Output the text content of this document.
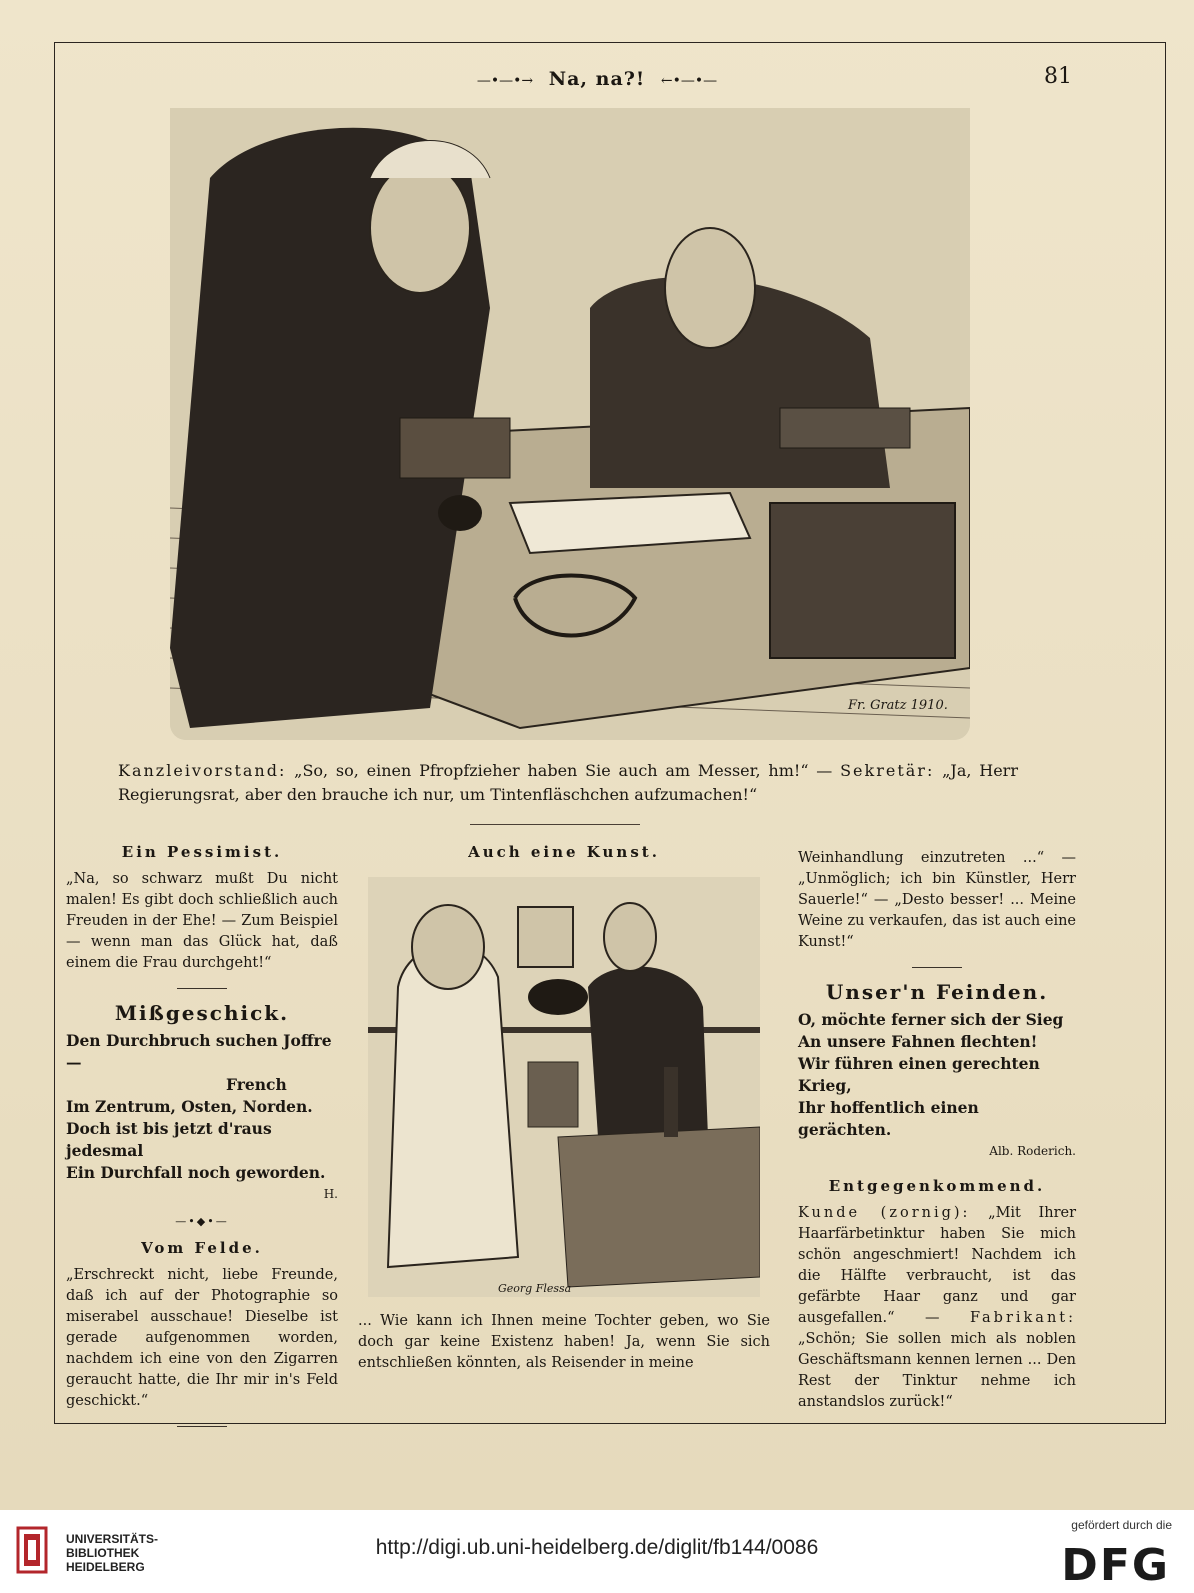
—•—•→ Na, na?! ←•—•—	81
Fr. Gratz 1910.
Kanzleivorstand: „So, so, einen Pfropfzieher haben Sie auch am Messer, hm!“ — Sekretär: „Ja, Herr Regierungsrat, aber den brauche ich nur, um Tintenfläschchen aufzumachen!“
Ein Pessimist.
„Na, so schwarz mußt Du nicht malen! Es gibt doch schließlich auch Freuden in der Ehe! — Zum Beispiel — wenn man das Glück hat, daß einem die Frau durchgeht!“
Mißgeschick.
Den Durchbruch suchen Joffre—
French
Im Zentrum, Osten, Norden.
Doch ist bis jetzt d'raus jedesmal
Ein Durchfall noch geworden.
H.
—•◆•—
Vom Felde.
„Erschreckt nicht, liebe Freunde, daß ich auf der Photographie so miserabel ausschaue! Dieselbe ist gerade aufgenommen worden, nachdem ich eine von den Zigarren geraucht hatte, die Ihr mir in's Feld geschickt.“
Auch eine Kunst.
Georg Flessa
... Wie kann ich Ihnen meine Tochter geben, wo Sie doch gar keine Existenz haben! Ja, wenn Sie sich entschließen könnten, als Reisender in meine
Weinhandlung einzutreten ...“ — „Unmöglich; ich bin Künstler, Herr Sauerle!“ — „Desto besser! ... Meine Weine zu verkaufen, das ist auch eine Kunst!“
Unser'n Feinden.
O, möchte ferner sich der Sieg
An unsere Fahnen flechten!
Wir führen einen gerechten Krieg,
Ihr hoffentlich einen gerächten.
Alb. Roderich.
Entgegenkommend.
Kunde (zornig): „Mit Ihrer Haarfärbetinktur haben Sie mich schön angeschmiert! Nachdem ich die Hälfte verbraucht, ist das gefärbte Haar ganz und gar ausgefallen.“ — Fabrikant: „Schön; Sie sollen mich als noblen Geschäftsmann kennen lernen ... Den Rest der Tinktur nehme ich anstandslos zurück!“
UNIVERSITÄTS-
BIBLIOTHEK
HEIDELBERG
http://digi.ub.uni-heidelberg.de/diglit/fb144/0086
gefördert durch die
DFG
